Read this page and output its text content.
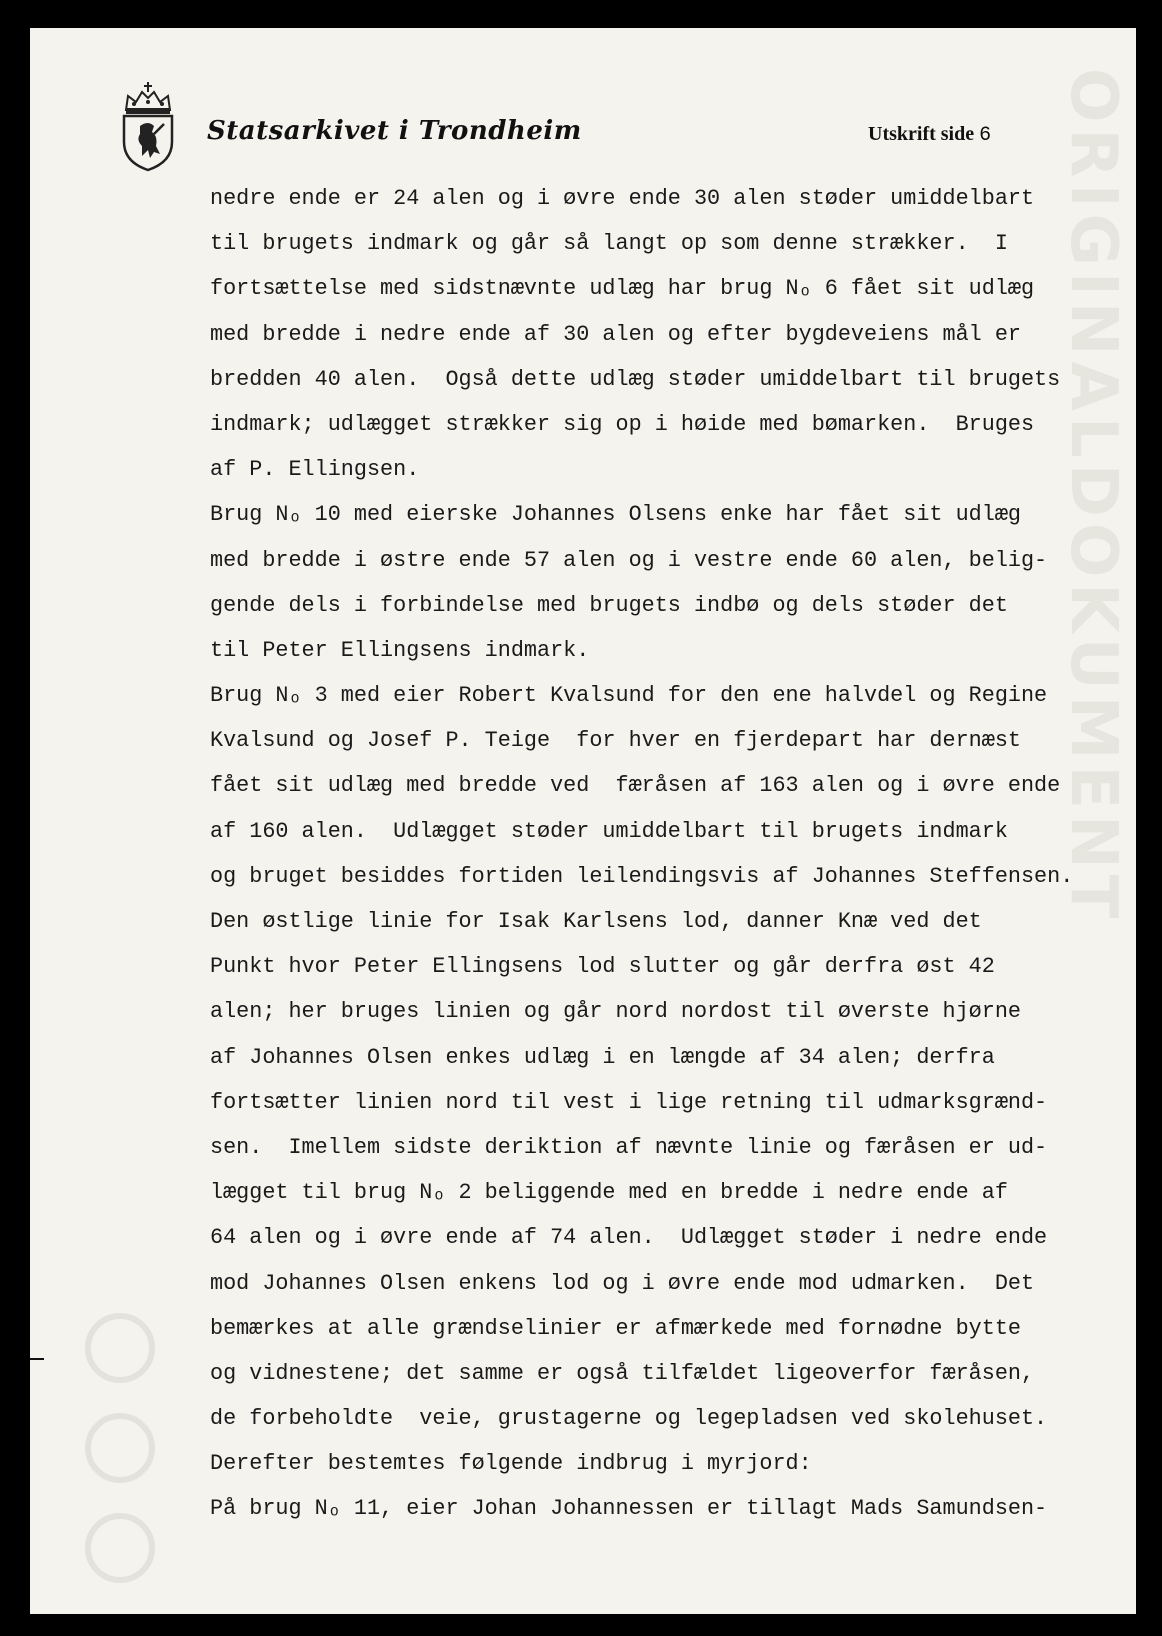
ORIGINALDOKUMENT
Statsarkivet i Trondheim	Utskrift side 6
nedre ende er 24 alen og i øvre ende 30 alen støder umiddelbart
til brugets indmark og går så langt op som denne strækker.  I
fortsættelse med sidstnævnte udlæg har brug Nₒ 6 fået sit udlæg
med bredde i nedre ende af 30 alen og efter bygdeveiens mål er
bredden 40 alen.  Også dette udlæg støder umiddelbart til brugets
indmark; udlægget strækker sig op i høide med bømarken.  Bruges
af P. Ellingsen.
Brug Nₒ 10 med eierske Johannes Olsens enke har fået sit udlæg
med bredde i østre ende 57 alen og i vestre ende 60 alen, belig-
gende dels i forbindelse med brugets indbø og dels støder det
til Peter Ellingsens indmark.
Brug Nₒ 3 med eier Robert Kvalsund for den ene halvdel og Regine
Kvalsund og Josef P. Teige  for hver en fjerdepart har dernæst
fået sit udlæg med bredde ved  færåsen af 163 alen og i øvre ende
af 160 alen.  Udlægget støder umiddelbart til brugets indmark
og bruget besiddes fortiden leilendingsvis af Johannes Steffensen.
Den østlige linie for Isak Karlsens lod, danner Knæ ved det
Punkt hvor Peter Ellingsens lod slutter og går derfra øst 42
alen; her bruges linien og går nord nordost til øverste hjørne
af Johannes Olsen enkes udlæg i en længde af 34 alen; derfra
fortsætter linien nord til vest i lige retning til udmarksgrænd-
sen.  Imellem sidste deriktion af nævnte linie og færåsen er ud-
lægget til brug Nₒ 2 beliggende med en bredde i nedre ende af
64 alen og i øvre ende af 74 alen.  Udlægget støder i nedre ende
mod Johannes Olsen enkens lod og i øvre ende mod udmarken.  Det
bemærkes at alle grændselinier er afmærkede med fornødne bytte
og vidnestene; det samme er også tilfældet ligeoverfor færåsen,
de forbeholdte  veie, grustagerne og legepladsen ved skolehuset.
Derefter bestemtes følgende indbrug i myrjord:
På brug Nₒ 11, eier Johan Johannessen er tillagt Mads Samundsen-
